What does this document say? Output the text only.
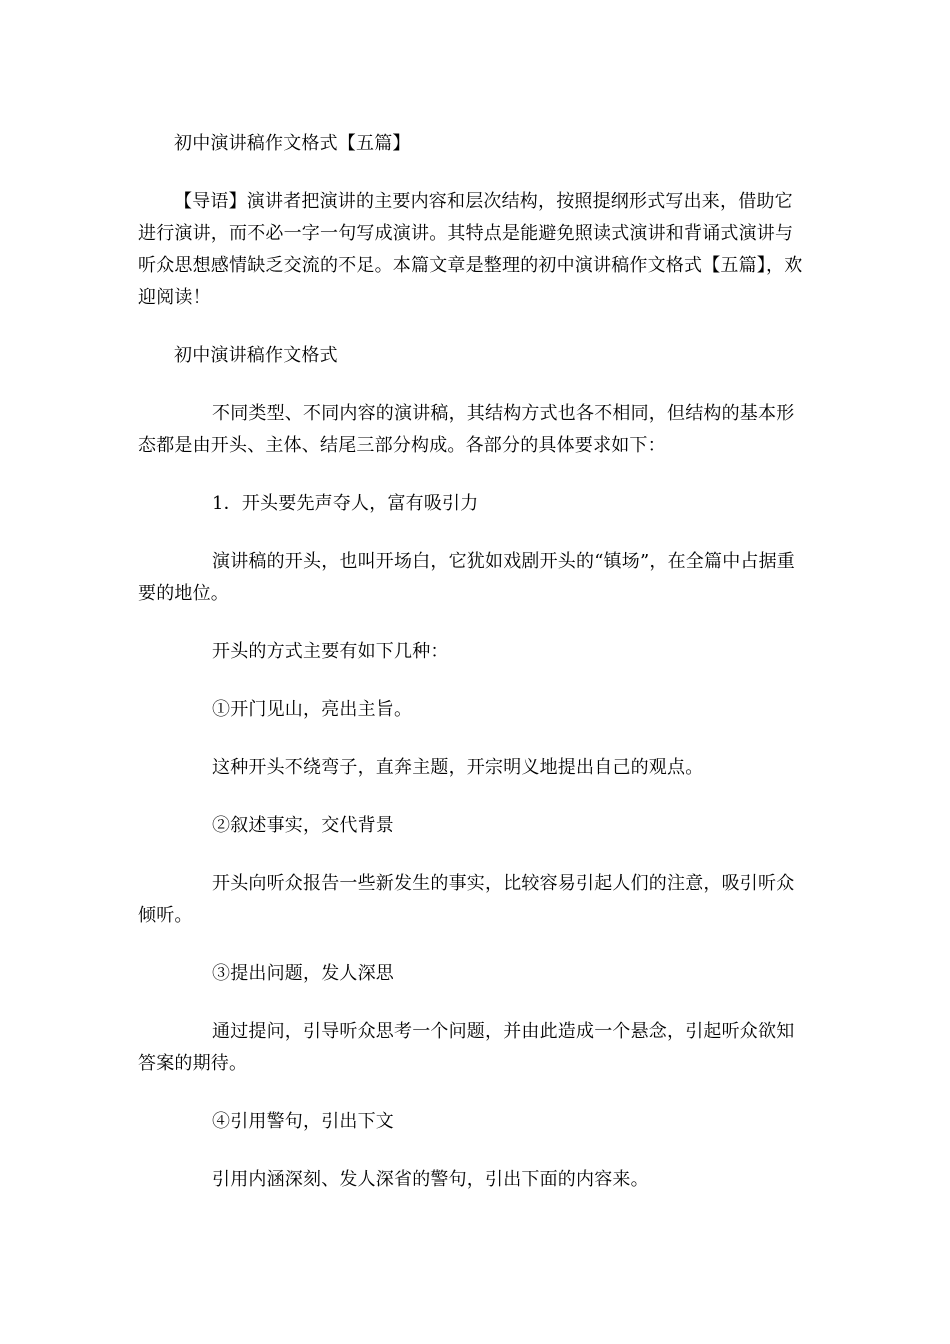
初中演讲稿作文格式【五篇】

【导语】演讲者把演讲的主要内容和层次结构，按照提纲形式写出来，借助它进行演讲，而不必一字一句写成演讲。其特点是能避免照读式演讲和背诵式演讲与听众思想感情缺乏交流的不足。本篇文章是整理的初中演讲稿作文格式【五篇】，欢迎阅读！

初中演讲稿作文格式

不同类型、不同内容的演讲稿，其结构方式也各不相同，但结构的基本形态都是由开头、主体、结尾三部分构成。各部分的具体要求如下：

1．开头要先声夺人，富有吸引力

演讲稿的开头，也叫开场白，它犹如戏剧开头的“镇场”，在全篇中占据重要的地位。

开头的方式主要有如下几种：

①开门见山，亮出主旨。

这种开头不绕弯子，直奔主题，开宗明义地提出自己的观点。

②叙述事实，交代背景

开头向听众报告一些新发生的事实，比较容易引起人们的注意，吸引听众倾听。

③提出问题，发人深思

通过提问，引导听众思考一个问题，并由此造成一个悬念，引起听众欲知答案的期待。

④引用警句，引出下文

引用内涵深刻、发人深省的警句，引出下面的内容来。
